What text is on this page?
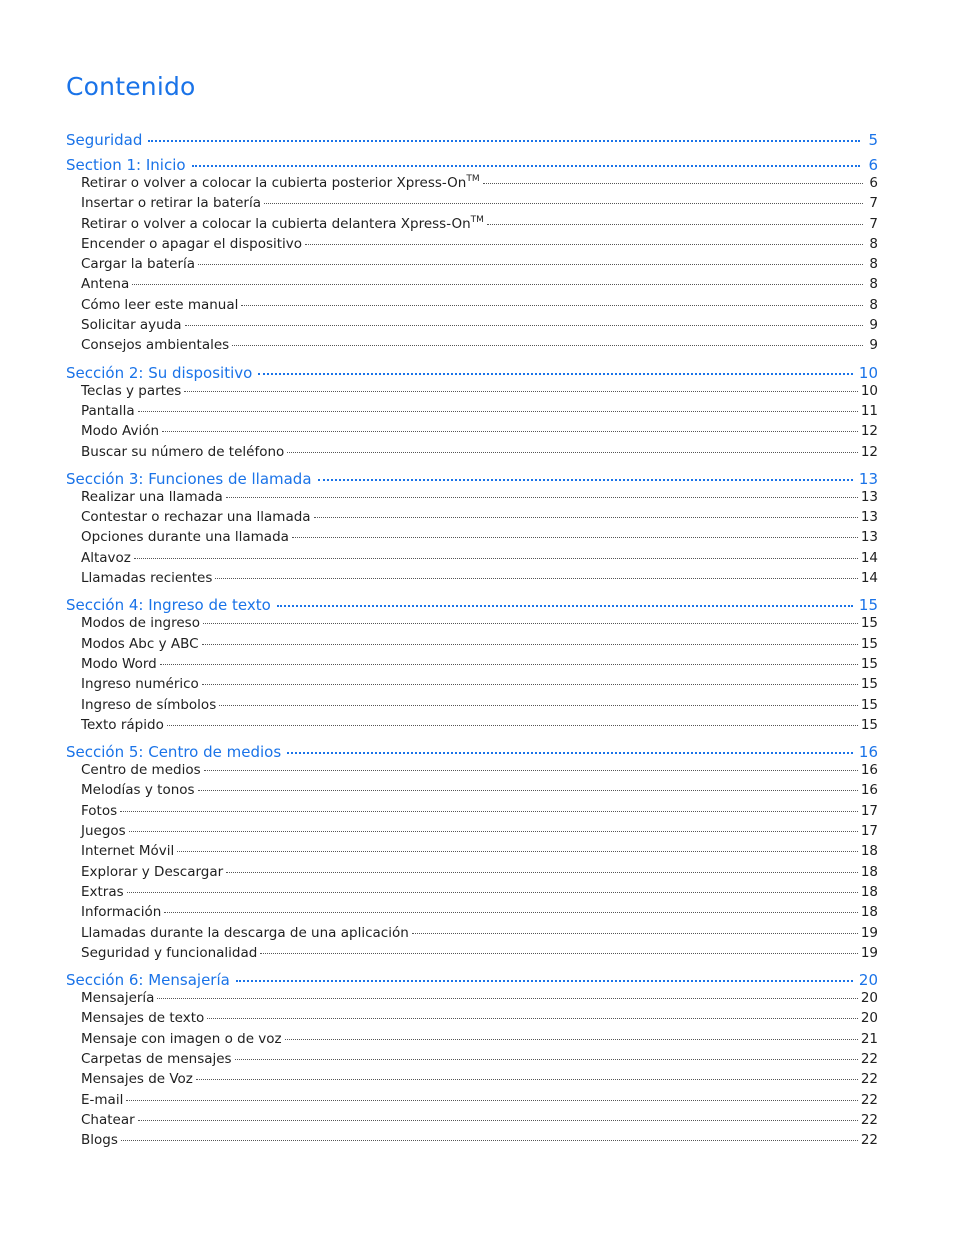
Contenido
Seguridad	5
Section 1: Inicio	6
Retirar o volver a colocar la cubierta posterior Xpress-On™	6
Insertar o retirar la batería	7
Retirar o volver a colocar la cubierta delantera Xpress-On™	7
Encender o apagar el dispositivo	8
Cargar la batería	8
Antena	8
Cómo leer este manual	8
Solicitar ayuda	9
Consejos ambientales	9
Sección 2: Su dispositivo	10
Teclas y partes	10
Pantalla	11
Modo Avión	12
Buscar su número de teléfono	12
Sección 3: Funciones de llamada	13
Realizar una llamada	13
Contestar o rechazar una llamada	13
Opciones durante una llamada	13
Altavoz	14
Llamadas recientes	14
Sección 4: Ingreso de texto	15
Modos de ingreso	15
Modos Abc y ABC	15
Modo Word	15
Ingreso numérico	15
Ingreso de símbolos	15
Texto rápido	15
Sección 5: Centro de medios	16
Centro de medios	16
Melodías y tonos	16
Fotos	17
Juegos	17
Internet Móvil	18
Explorar y Descargar	18
Extras	18
Información	18
Llamadas durante la descarga de una aplicación	19
Seguridad y funcionalidad	19
Sección 6: Mensajería	20
Mensajería	20
Mensajes de texto	20
Mensaje con imagen o de voz	21
Carpetas de mensajes	22
Mensajes de Voz	22
E-mail	22
Chatear	22
Blogs	22
